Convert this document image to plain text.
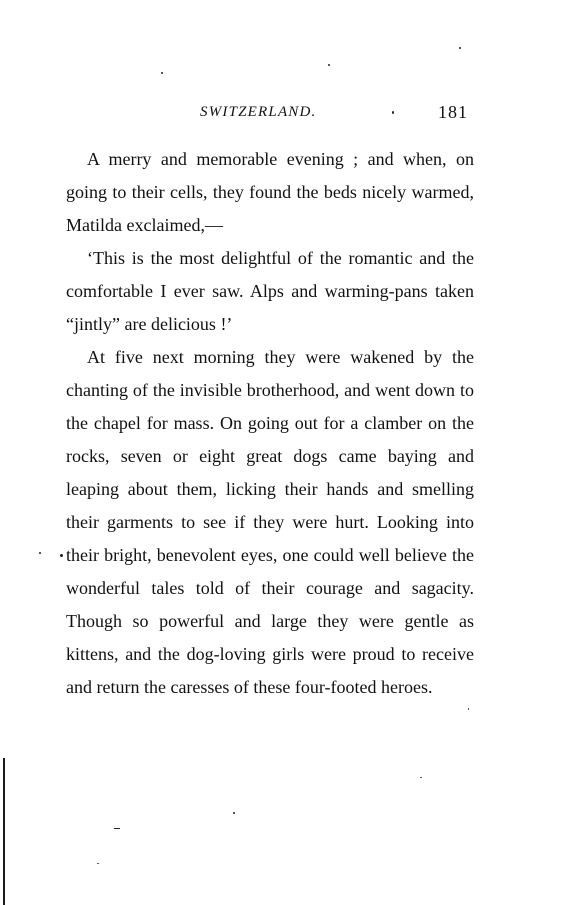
SWITZERLAND.	181

A merry and memorable evening ; and when, on going to their cells, they found the beds nicely warmed, Matilda exclaimed,—

‘This is the most delightful of the romantic and the comfortable I ever saw. Alps and warming-pans taken “jintly” are delicious !’

At five next morning they were wakened by the chanting of the invisible brotherhood, and went down to the chapel for mass. On going out for a clamber on the rocks, seven or eight great dogs came baying and leaping about them, licking their hands and smelling their garments to see if they were hurt. Looking into their bright, benevolent eyes, one could well believe the wonderful tales told of their courage and sagacity. Though so powerful and large they were gentle as kittens, and the dog-loving girls were proud to receive and return the caresses of these four-footed heroes.
